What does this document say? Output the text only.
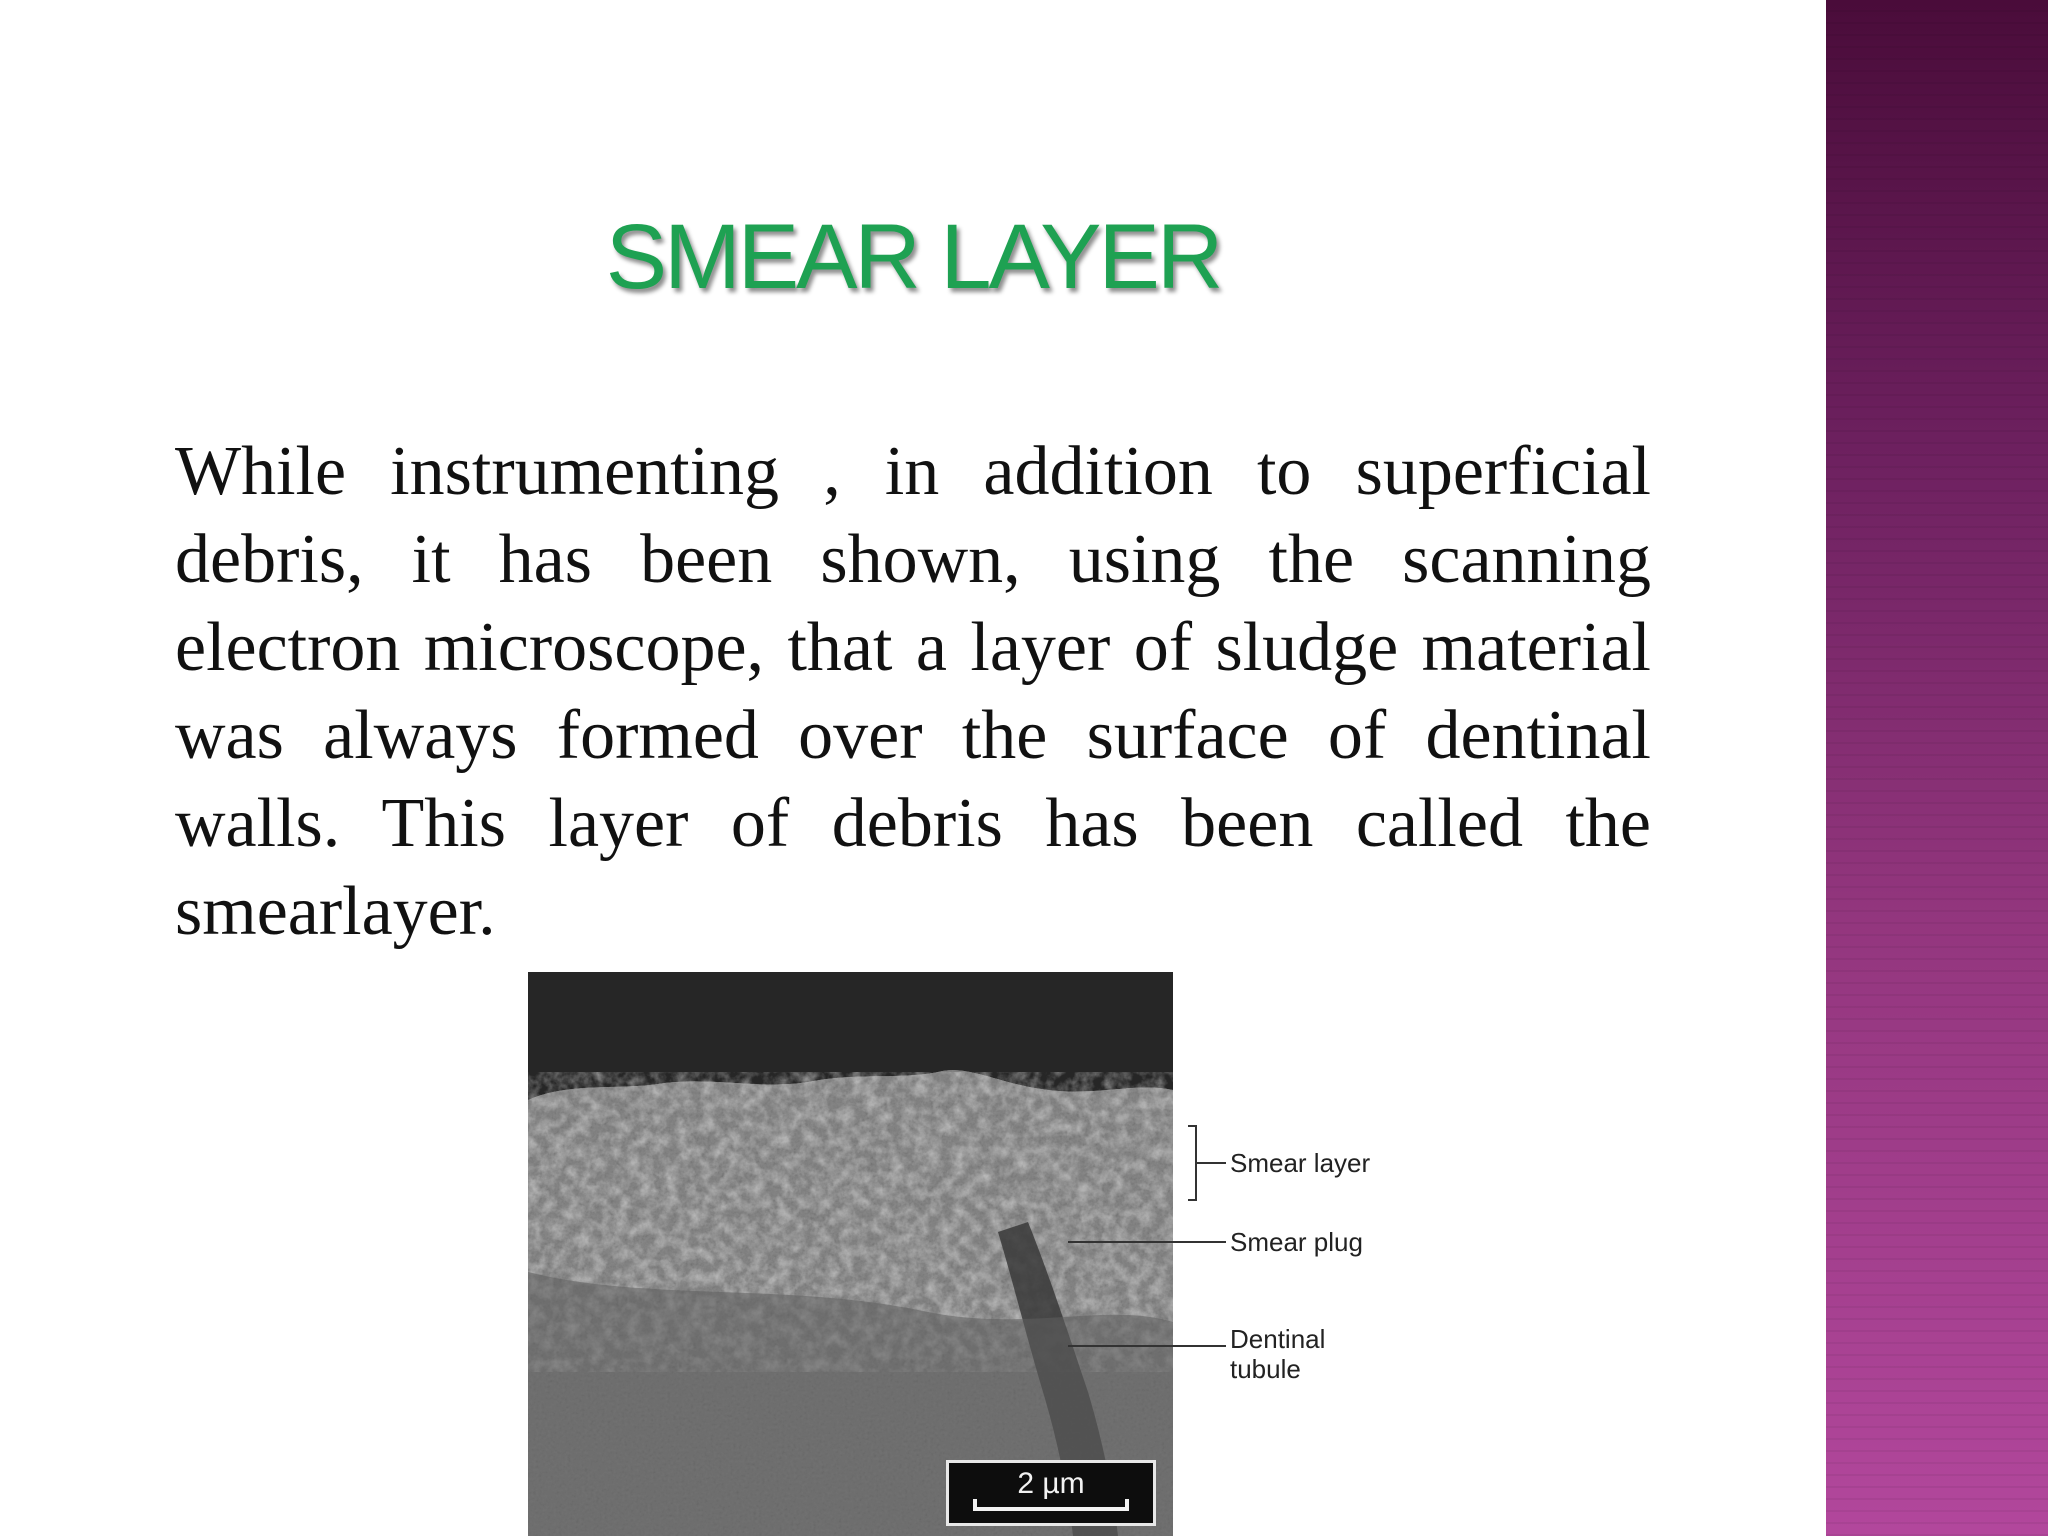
SMEAR LAYER

While instrumenting , in addition to superficial debris, it has been shown, using the scanning electron microscope, that a layer of sludge material was always formed over the surface of dentinal walls. This layer of debris has been called the smearlayer.

Smear layer
Smear plug
Dentinal
tubule
2 µm
